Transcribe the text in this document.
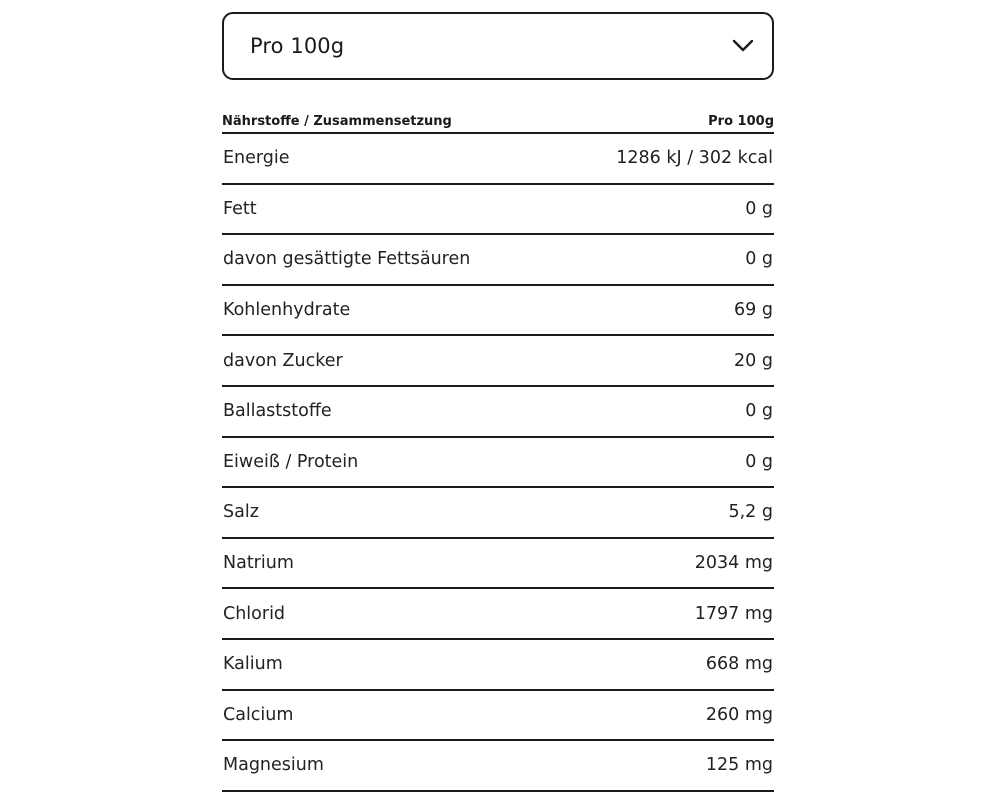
Pro 100g
Nährstoffe / Zusammensetzung	Pro 100g
Energie	1286 kJ / 302 kcal
Fett	0 g
davon gesättigte Fettsäuren	0 g
Kohlenhydrate	69 g
davon Zucker	20 g
Ballaststoffe	0 g
Eiweiß / Protein	0 g
Salz	5,2 g
Natrium	2034 mg
Chlorid	1797 mg
Kalium	668 mg
Calcium	260 mg
Magnesium	125 mg
